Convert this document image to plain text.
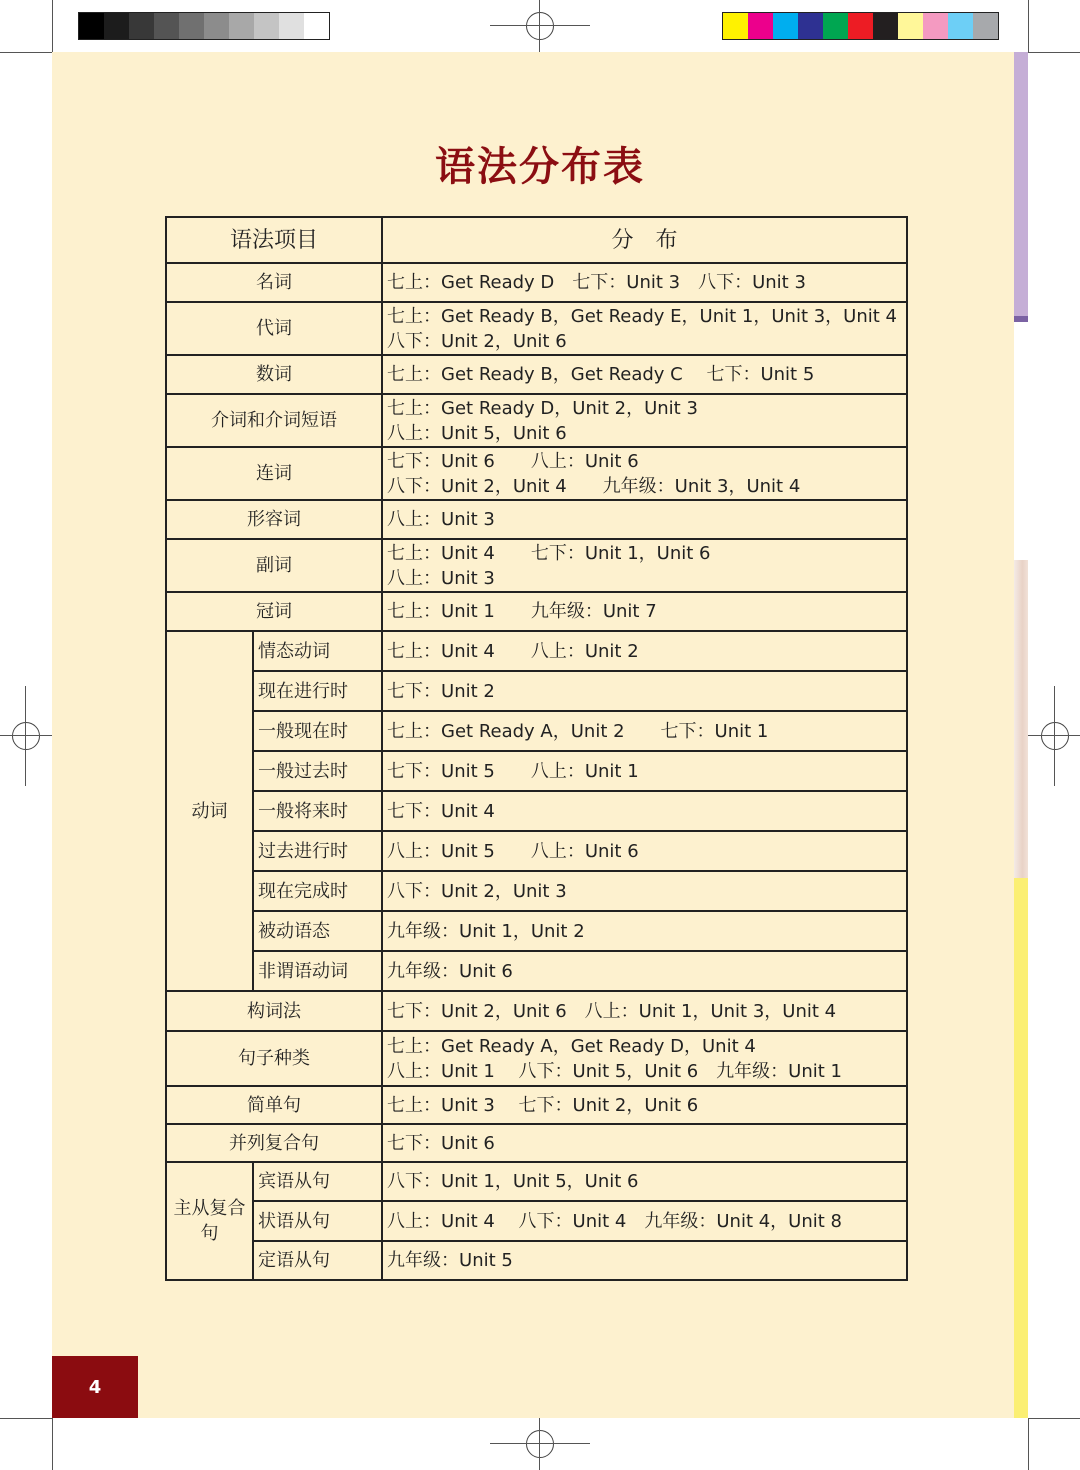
语法分布表
语法项目		分　布
名词		七上：Get Ready D　七下：Unit 3　八下：Unit 3
代词		七上：Get Ready B，Get Ready E，Unit 1，Unit 3，Unit 4
八下：Unit 2，Unit 6
数词		七上：Get Ready B，Get Ready C　 七下：Unit 5
介词和介词短语		七上：Get Ready D，Unit 2，Unit 3
八上：Unit 5，Unit 6
连词		七下：Unit 6　　八上：Unit 6
八下：Unit 2，Unit 4　　九年级：Unit 3，Unit 4
形容词		八上：Unit 3
副词		七上：Unit 4　　七下：Unit 1，Unit 6
八上：Unit 3
冠词		七上：Unit 1　　九年级：Unit 7
动词	情态动词	七上：Unit 4　　八上：Unit 2
	现在进行时	七下：Unit 2
	一般现在时	七上：Get Ready A，Unit 2　　七下：Unit 1
	一般过去时	七下：Unit 5　　八上：Unit 1
	一般将来时	七下：Unit 4
	过去进行时	八上：Unit 5　　八上：Unit 6
	现在完成时	八下：Unit 2，Unit 3
	被动语态	九年级：Unit 1，Unit 2
	非谓语动词	九年级：Unit 6
构词法		七下：Unit 2，Unit 6　八上：Unit 1，Unit 3，Unit 4
句子种类		七上：Get Ready A，Get Ready D，Unit 4
八上：Unit 1　 八下：Unit 5，Unit 6　九年级：Unit 1
简单句		七上：Unit 3　 七下：Unit 2，Unit 6
并列复合句		七下：Unit 6
主从复合句	宾语从句	八下：Unit 1，Unit 5，Unit 6
	状语从句	八上：Unit 4　 八下：Unit 4　九年级：Unit 4，Unit 8
	定语从句	九年级：Unit 5
4
